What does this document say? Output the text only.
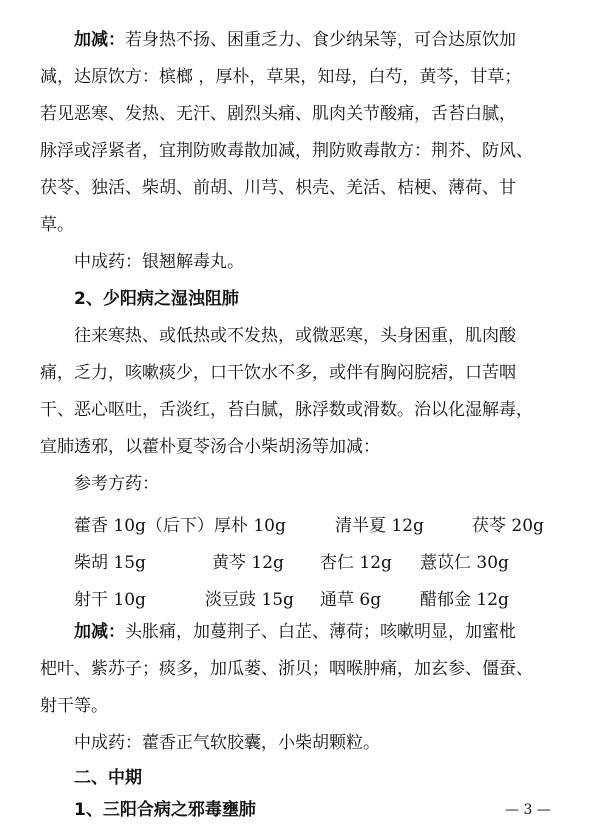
加减：若身热不扬、困重乏力、食少纳呆等，可合达原饮加
减，达原饮方：槟榔 ，厚朴，草果，知母，白芍，黄芩，甘草；
若见恶寒、发热、无汗、剧烈头痛、肌肉关节酸痛，舌苔白腻，
脉浮或浮紧者，宜荆防败毒散加减，荆防败毒散方：荆芥、防风、
茯苓、独活、柴胡、前胡、川芎、枳壳、羌活、桔梗、薄荷、甘
草。
中成药：银翘解毒丸。
2、少阳病之湿浊阻肺
往来寒热、或低热或不发热，或微恶寒，头身困重，肌肉酸
痛，乏力，咳嗽痰少，口干饮水不多，或伴有胸闷脘痞，口苦咽
干、恶心呕吐，舌淡红，苔白腻，脉浮数或滑数。治以化湿解毒，
宣肺透邪，以藿朴夏苓汤合小柴胡汤等加减：
参考方药：
藿香 10g（后下）厚朴 10g	清半夏 12g	茯苓 20g
柴胡 15g	黄芩 12g 杏仁 12g 薏苡仁 30g
射干 10g	淡豆豉 15g 通草 6g 醋郁金 12g
加减：头胀痛，加蔓荆子、白芷、薄荷；咳嗽明显，加蜜枇
杷叶、紫苏子；痰多，加瓜蒌、浙贝；咽喉肿痛，加玄参、僵蚕、
射干等。
中成药：藿香正气软胶囊，小柴胡颗粒。
二、中期
1、三阳合病之邪毒壅肺	— 3 —
